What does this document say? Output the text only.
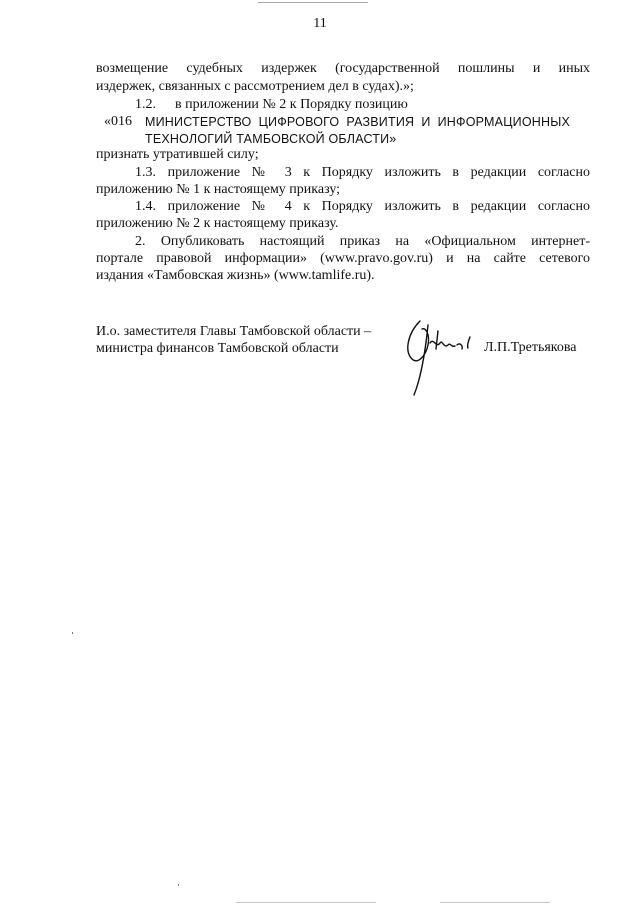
11
возмещение судебных издержек (государственной пошлины и иных
издержек, связанных с рассмотрением дел в судах).»;
1.2. в приложении № 2 к Порядку позицию
«016 МИНИСТЕРСТВО ЦИФРОВОГО РАЗВИТИЯ И ИНФОРМАЦИОННЫХ
ТЕХНОЛОГИЙ ТАМБОВСКОЙ ОБЛАСТИ»
признать утратившей силу;
1.3. приложение № 3 к Порядку изложить в редакции согласно
приложению № 1 к настоящему приказу;
1.4. приложение № 4 к Порядку изложить в редакции согласно
приложению № 2 к настоящему приказу.
2. Опубликовать настоящий приказ на «Официальном интернет-
портале правовой информации» (www.pravo.gov.ru) и на сайте сетевого
издания «Тамбовская жизнь» (www.tamlife.ru).
И.о. заместителя Главы Тамбовской области –
министра финансов Тамбовской области	Л.П.Третьякова
